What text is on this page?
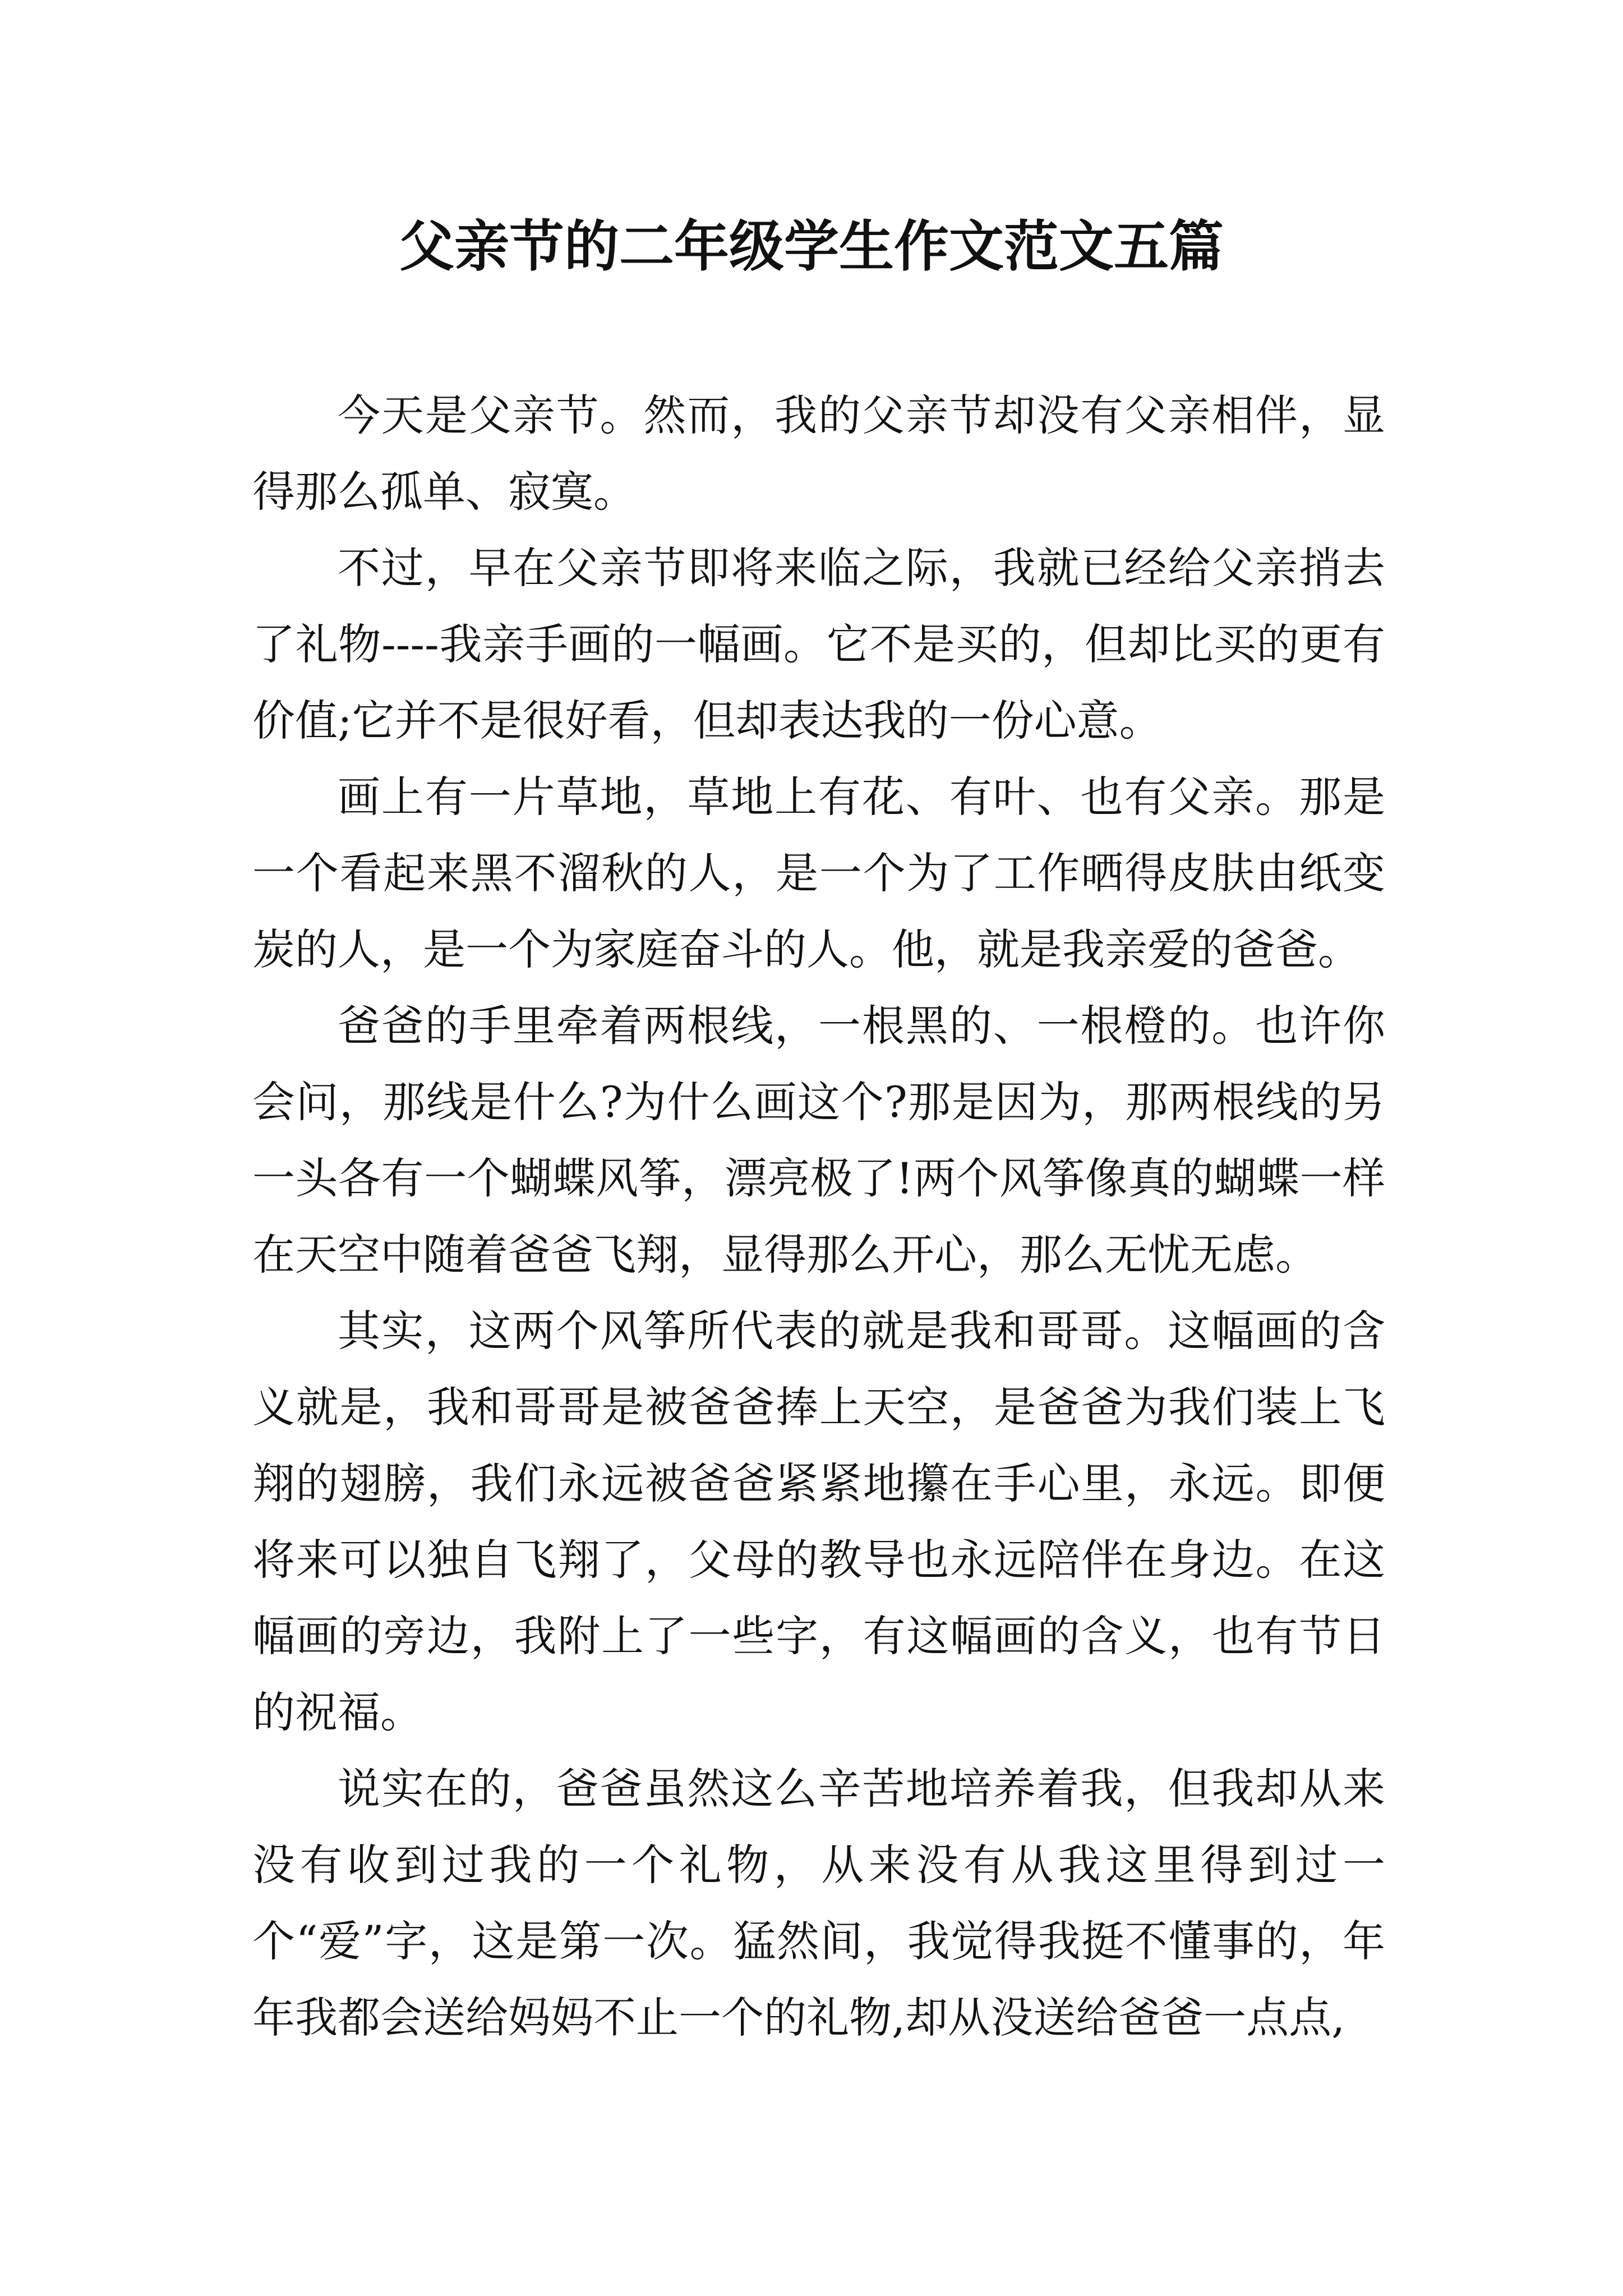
父亲节的二年级学生作文范文五篇

今天是父亲节。然而，我的父亲节却没有父亲相伴，显得那么孤单、寂寞。

不过，早在父亲节即将来临之际，我就已经给父亲捎去了礼物----我亲手画的一幅画。它不是买的，但却比买的更有价值;它并不是很好看，但却表达我的一份心意。

画上有一片草地，草地上有花、有叶、也有父亲。那是一个看起来黑不溜秋的人，是一个为了工作晒得皮肤由纸变炭的人，是一个为家庭奋斗的人。他，就是我亲爱的爸爸。

爸爸的手里牵着两根线，一根黑的、一根橙的。也许你会问，那线是什么?为什么画这个?那是因为，那两根线的另一头各有一个蝴蝶风筝，漂亮极了!两个风筝像真的蝴蝶一样在天空中随着爸爸飞翔，显得那么开心，那么无忧无虑。

其实，这两个风筝所代表的就是我和哥哥。这幅画的含义就是，我和哥哥是被爸爸捧上天空，是爸爸为我们装上飞翔的翅膀，我们永远被爸爸紧紧地攥在手心里，永远。即便将来可以独自飞翔了，父母的教导也永远陪伴在身边。在这幅画的旁边，我附上了一些字，有这幅画的含义，也有节日的祝福。

说实在的，爸爸虽然这么辛苦地培养着我，但我却从来没有收到过我的一个礼物，从来没有从我这里得到过一个“爱”字，这是第一次。猛然间，我觉得我挺不懂事的，年年我都会送给妈妈不止一个的礼物,却从没送给爸爸一点点,
